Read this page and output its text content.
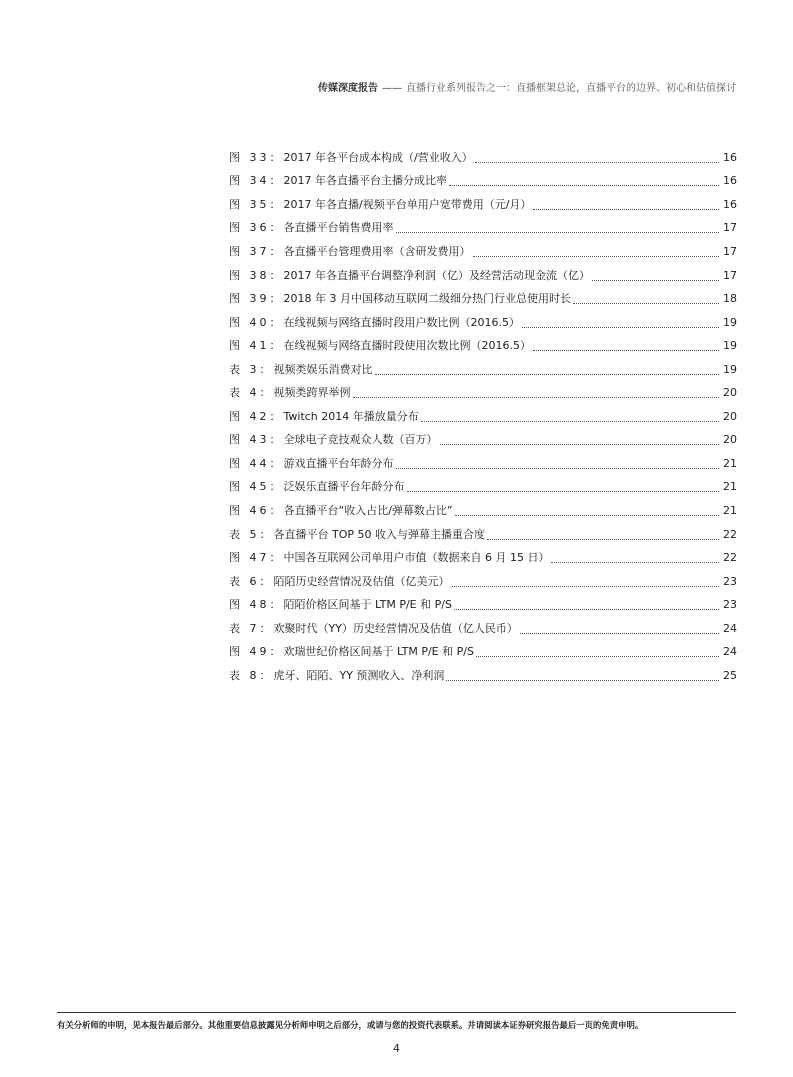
传媒深度报告 —— 直播行业系列报告之一：直播框架总论，直播平台的边界、初心和估值探讨
图 33：2017 年各平台成本构成（/营业收入）	16
图 34：2017 年各直播平台主播分成比率	16
图 35：2017 年各直播/视频平台单用户宽带费用（元/月）	16
图 36：各直播平台销售费用率	17
图 37：各直播平台管理费用率（含研发费用）	17
图 38：2017 年各直播平台调整净利润（亿）及经营活动现金流（亿）	17
图 39：2018 年 3 月中国移动互联网二级细分热门行业总使用时长	18
图 40：在线视频与网络直播时段用户数比例（2016.5）	19
图 41：在线视频与网络直播时段使用次数比例（2016.5）	19
表 3：视频类娱乐消费对比	19
表 4：视频类跨界举例	20
图 42：Twitch 2014 年播放量分布	20
图 43：全球电子竞技观众人数（百万）	20
图 44：游戏直播平台年龄分布	21
图 45：泛娱乐直播平台年龄分布	21
图 46：各直播平台“收入占比/弹幕数占比”	21
表 5：各直播平台 TOP 50 收入与弹幕主播重合度	22
图 47：中国各互联网公司单用户市值（数据来自 6 月 15 日）	22
表 6：陌陌历史经营情况及估值（亿美元）	23
图 48：陌陌价格区间基于 LTM P/E 和 P/S	23
表 7：欢聚时代（YY）历史经营情况及估值（亿人民币）	24
图 49：欢瑞世纪价格区间基于 LTM P/E 和 P/S	24
表 8：虎牙、陌陌、YY 预测收入、净利润	25
有关分析师的申明，见本报告最后部分。其他重要信息披露见分析师申明之后部分，或请与您的投资代表联系。并请阅读本证券研究报告最后一页的免责申明。
4
